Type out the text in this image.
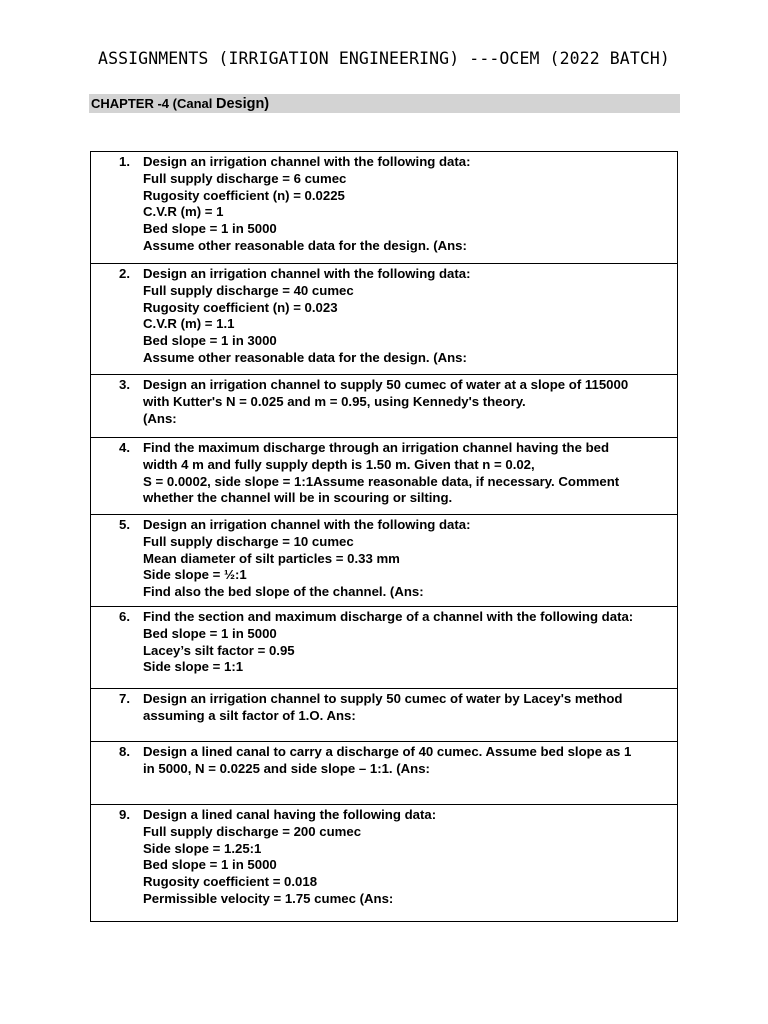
ASSIGNMENTS (IRRIGATION ENGINEERING) ---OCEM (2022 BATCH)
CHAPTER -4 (Canal Design)
1. Design an irrigation channel with the following data:
Full supply discharge = 6 cumec
Rugosity coefficient (n) = 0.0225
C.V.R (m) = 1
Bed slope = 1 in 5000
Assume other reasonable data for the design. (Ans:
2. Design an irrigation channel with the following data:
Full supply discharge = 40 cumec
Rugosity coefficient (n) = 0.023
C.V.R (m) = 1.1
Bed slope = 1 in 3000
Assume other reasonable data for the design. (Ans:
3. Design an irrigation channel to supply 50 cumec of water at a slope of 115000
with Kutter's N = 0.025 and m = 0.95, using Kennedy's theory.
(Ans:
4. Find the maximum discharge through an irrigation channel having the bed
width 4 m and fully supply depth is 1.50 m. Given that n = 0.02,
S = 0.0002, side slope = 1:1Assume reasonable data, if necessary. Comment
whether the channel will be in scouring or silting.
5. Design an irrigation channel with the following data:
Full supply discharge = 10 cumec
Mean diameter of silt particles = 0.33 mm
Side slope = ½:1
Find also the bed slope of the channel. (Ans:
6. Find the section and maximum discharge of a channel with the following data:
Bed slope = 1 in 5000
Lacey’s silt factor = 0.95
Side slope = 1:1
7. Design an irrigation channel to supply 50 cumec of water by Lacey's method
assuming a silt factor of 1.O. Ans:
8. Design a lined canal to carry a discharge of 40 cumec. Assume bed slope as 1
in 5000, N = 0.0225 and side slope – 1:1. (Ans:
9. Design a lined canal having the following data:
Full supply discharge = 200 cumec
Side slope = 1.25:1
Bed slope = 1 in 5000
Rugosity coefficient = 0.018
Permissible velocity = 1.75 cumec (Ans:
